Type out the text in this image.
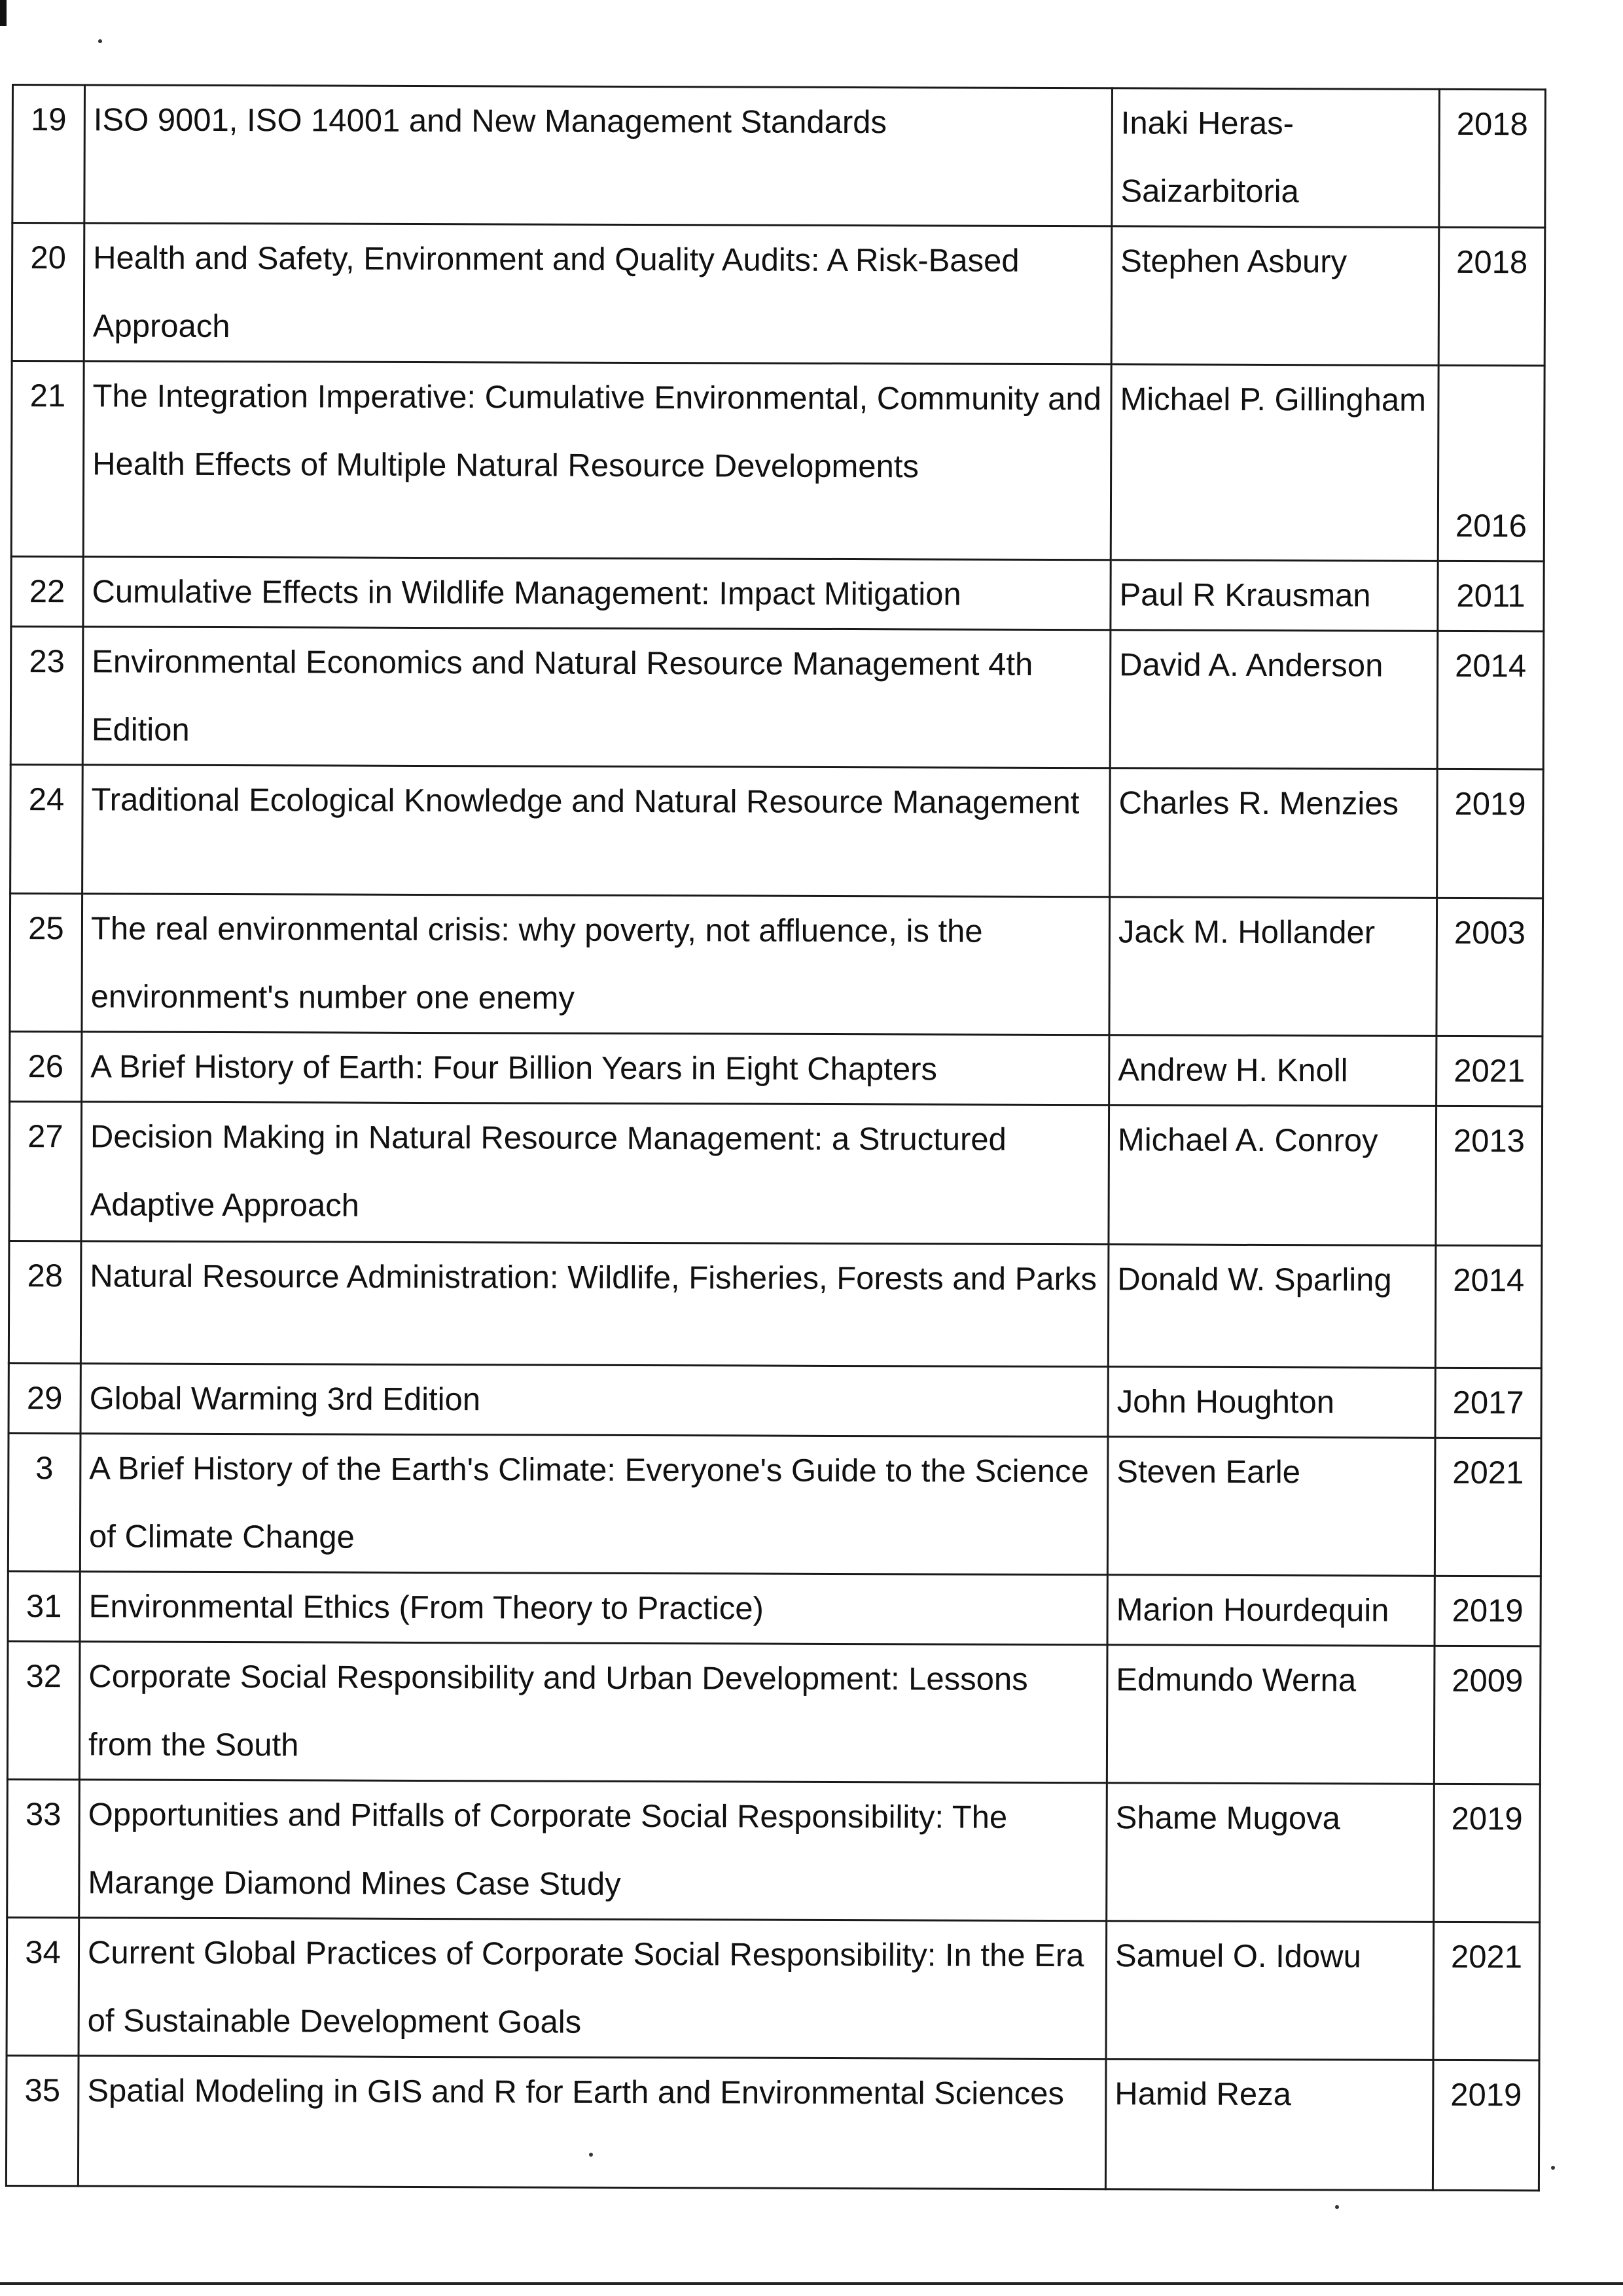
19	ISO 9001, ISO 14001 and New Management Standards	Inaki Heras-Saizarbitoria	2018
20	Health and Safety, Environment and Quality Audits: A Risk-Based Approach	Stephen Asbury	2018
21	The Integration Imperative: Cumulative Environmental, Community and Health Effects of Multiple Natural Resource Developments	Michael P. Gillingham	2016
22	Cumulative Effects in Wildlife Management: Impact Mitigation	Paul R Krausman	2011
23	Environmental Economics and Natural Resource Management 4th Edition	David A. Anderson	2014
24	Traditional Ecological Knowledge and Natural Resource Management	Charles R. Menzies	2019
25	The real environmental crisis: why poverty, not affluence, is the environment's number one enemy	Jack M. Hollander	2003
26	A Brief History of Earth: Four Billion Years in Eight Chapters	Andrew H. Knoll	2021
27	Decision Making in Natural Resource Management: a Structured Adaptive Approach	Michael A. Conroy	2013
28	Natural Resource Administration: Wildlife, Fisheries, Forests and Parks	Donald W. Sparling	2014
29	Global Warming 3rd Edition	John Houghton	2017
3	A Brief History of the Earth's Climate: Everyone's Guide to the Science of Climate Change	Steven Earle	2021
31	Environmental Ethics (From Theory to Practice)	Marion Hourdequin	2019
32	Corporate Social Responsibility and Urban Development: Lessons from the South	Edmundo Werna	2009
33	Opportunities and Pitfalls of Corporate Social Responsibility: The Marange Diamond Mines Case Study	Shame Mugova	2019
34	Current Global Practices of Corporate Social Responsibility: In the Era of Sustainable Development Goals	Samuel O. Idowu	2021
35	Spatial Modeling in GIS and R for Earth and Environmental Sciences	Hamid Reza	2019
